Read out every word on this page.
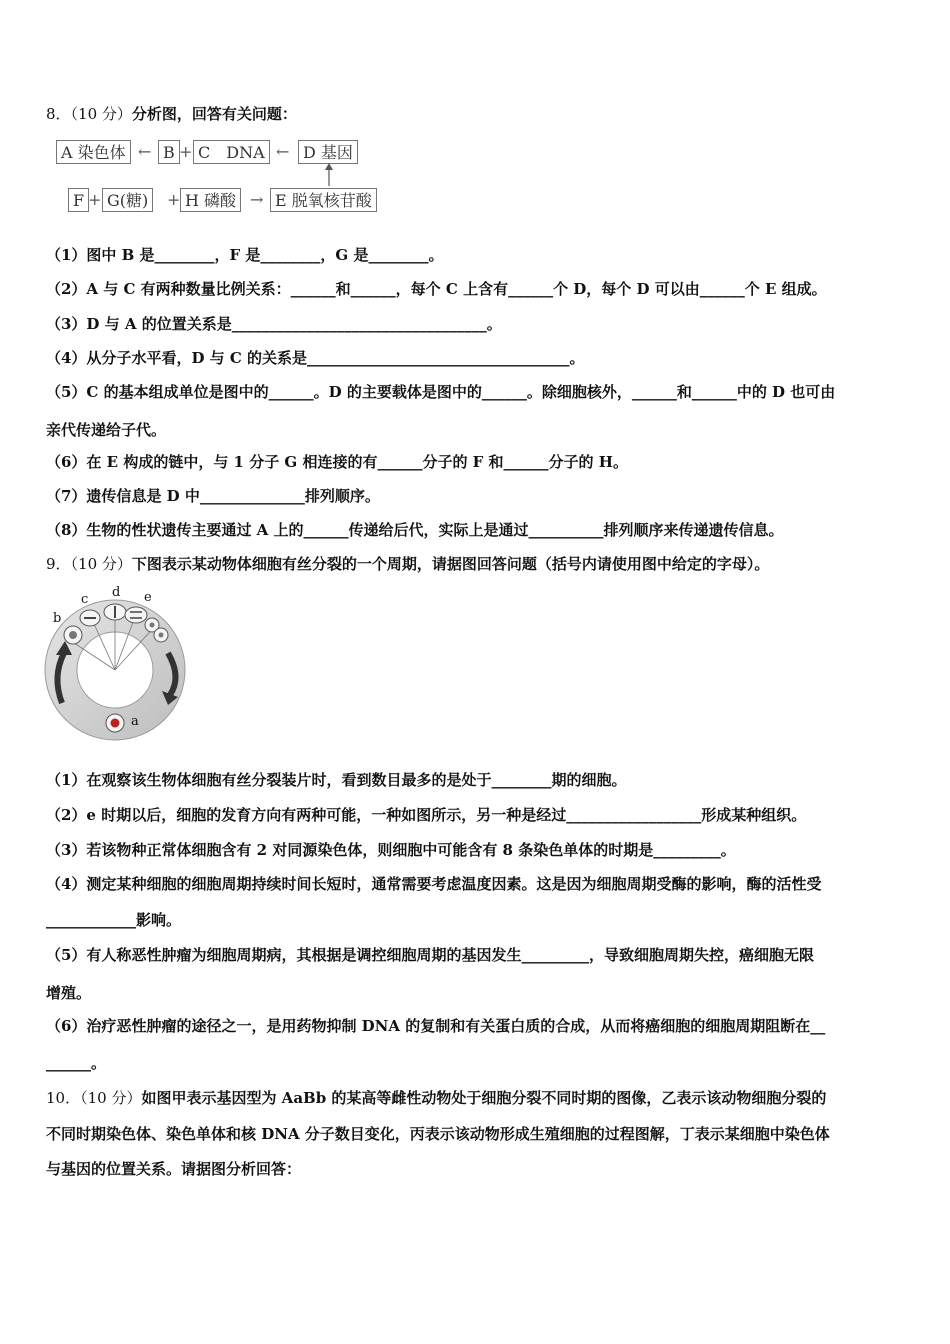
8．（10 分）分析图，回答有关问题：
A 染色体 ← B + C　DNA ← D 基因
F + G(糖)	+ H 磷酸 → E 脱氧核苷酸
（1）图中 B 是________，F 是________，G 是________。
（2）A 与 C 有两种数量比例关系：______和______，每个 C 上含有______个 D，每个 D 可以由______个 E 组成。
（3）D 与 A 的位置关系是__________________________________。
（4）从分子水平看，D 与 C 的关系是___________________________________。
（5）C 的基本组成单位是图中的______。D 的主要载体是图中的______。除细胞核外，______和______中的 D 也可由
亲代传递给子代。
（6）在 E 构成的链中，与 1 分子 G 相连接的有______分子的 F 和______分子的 H。
（7）遗传信息是 D 中______________排列顺序。
（8）生物的性状遗传主要通过 A 上的______传递给后代，实际上是通过__________排列顺序来传递遗传信息。
9．（10 分）下图表示某动物体细胞有丝分裂的一个周期，请据图回答问题（括号内请使用图中给定的字母）。
b
c d e
a
（1）在观察该生物体细胞有丝分裂装片时，看到数目最多的是处于________期的细胞。
（2）e 时期以后，细胞的发育方向有两种可能，一种如图所示，另一种是经过__________________形成某种组织。
（3）若该物种正常体细胞含有 2 对同源染色体，则细胞中可能含有 8 条染色单体的时期是_________。
（4）测定某种细胞的细胞周期持续时间长短时，通常需要考虑温度因素。这是因为细胞周期受酶的影响，酶的活性受
____________影响。
（5）有人称恶性肿瘤为细胞周期病，其根据是调控细胞周期的基因发生_________，导致细胞周期失控，癌细胞无限
增殖。
（6）治疗恶性肿瘤的途径之一，是用药物抑制 DNA 的复制和有关蛋白质的合成，从而将癌细胞的细胞周期阻断在__
______。
10．（10 分）如图甲表示基因型为 AaBb 的某高等雌性动物处于细胞分裂不同时期的图像，乙表示该动物细胞分裂的
不同时期染色体、染色单体和核 DNA 分子数目变化，丙表示该动物形成生殖细胞的过程图解，丁表示某细胞中染色体
与基因的位置关系。请据图分析回答：
